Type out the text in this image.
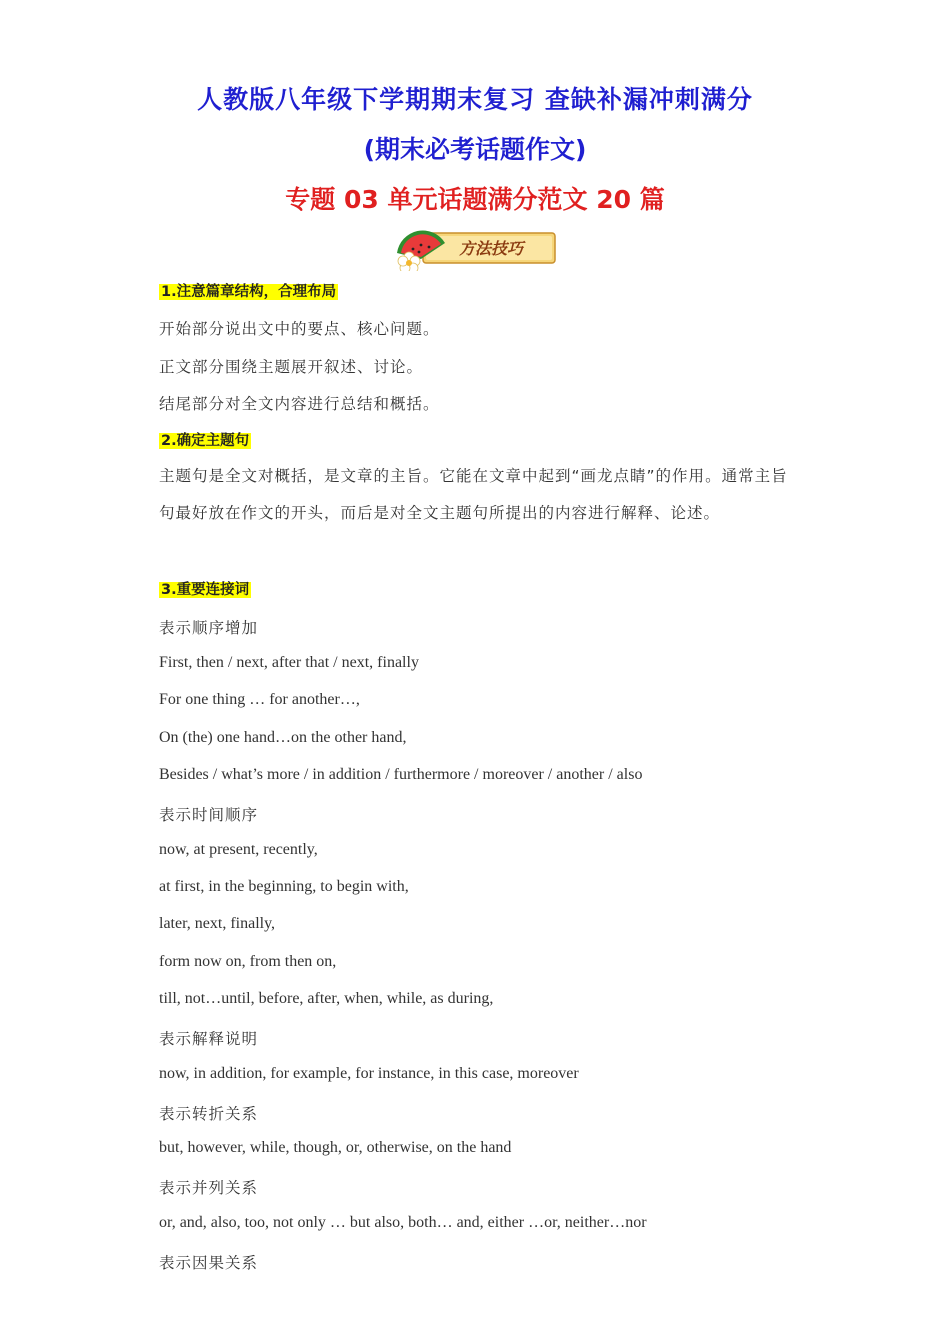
人教版八年级下学期期末复习 查缺补漏冲刺满分
(期末必考话题作文)
专题 03 单元话题满分范文 20 篇
方法技巧
1.注意篇章结构，合理布局
开始部分说出文中的要点、核心问题。
正文部分围绕主题展开叙述、讨论。
结尾部分对全文内容进行总结和概括。
2.确定主题句
主题句是全文对概括，是文章的主旨。它能在文章中起到“画龙点睛”的作用。通常主旨句最好放在作文的开头，而后是对全文主题句所提出的内容进行解释、论述。
3.重要连接词
表示顺序增加
First, then / next, after that / next, finally
For one thing … for another…,
On (the) one hand…on the other hand,
Besides / what’s more / in addition / furthermore / moreover / another / also
表示时间顺序
now, at present, recently,
at first, in the beginning, to begin with,
later, next, finally,
form now on, from then on,
till, not…until, before, after, when, while, as during,
表示解释说明
now, in addition, for example, for instance, in this case, moreover
表示转折关系
but, however, while, though, or, otherwise, on the hand
表示并列关系
or, and, also, too, not only … but also, both… and, either …or, neither…nor
表示因果关系
